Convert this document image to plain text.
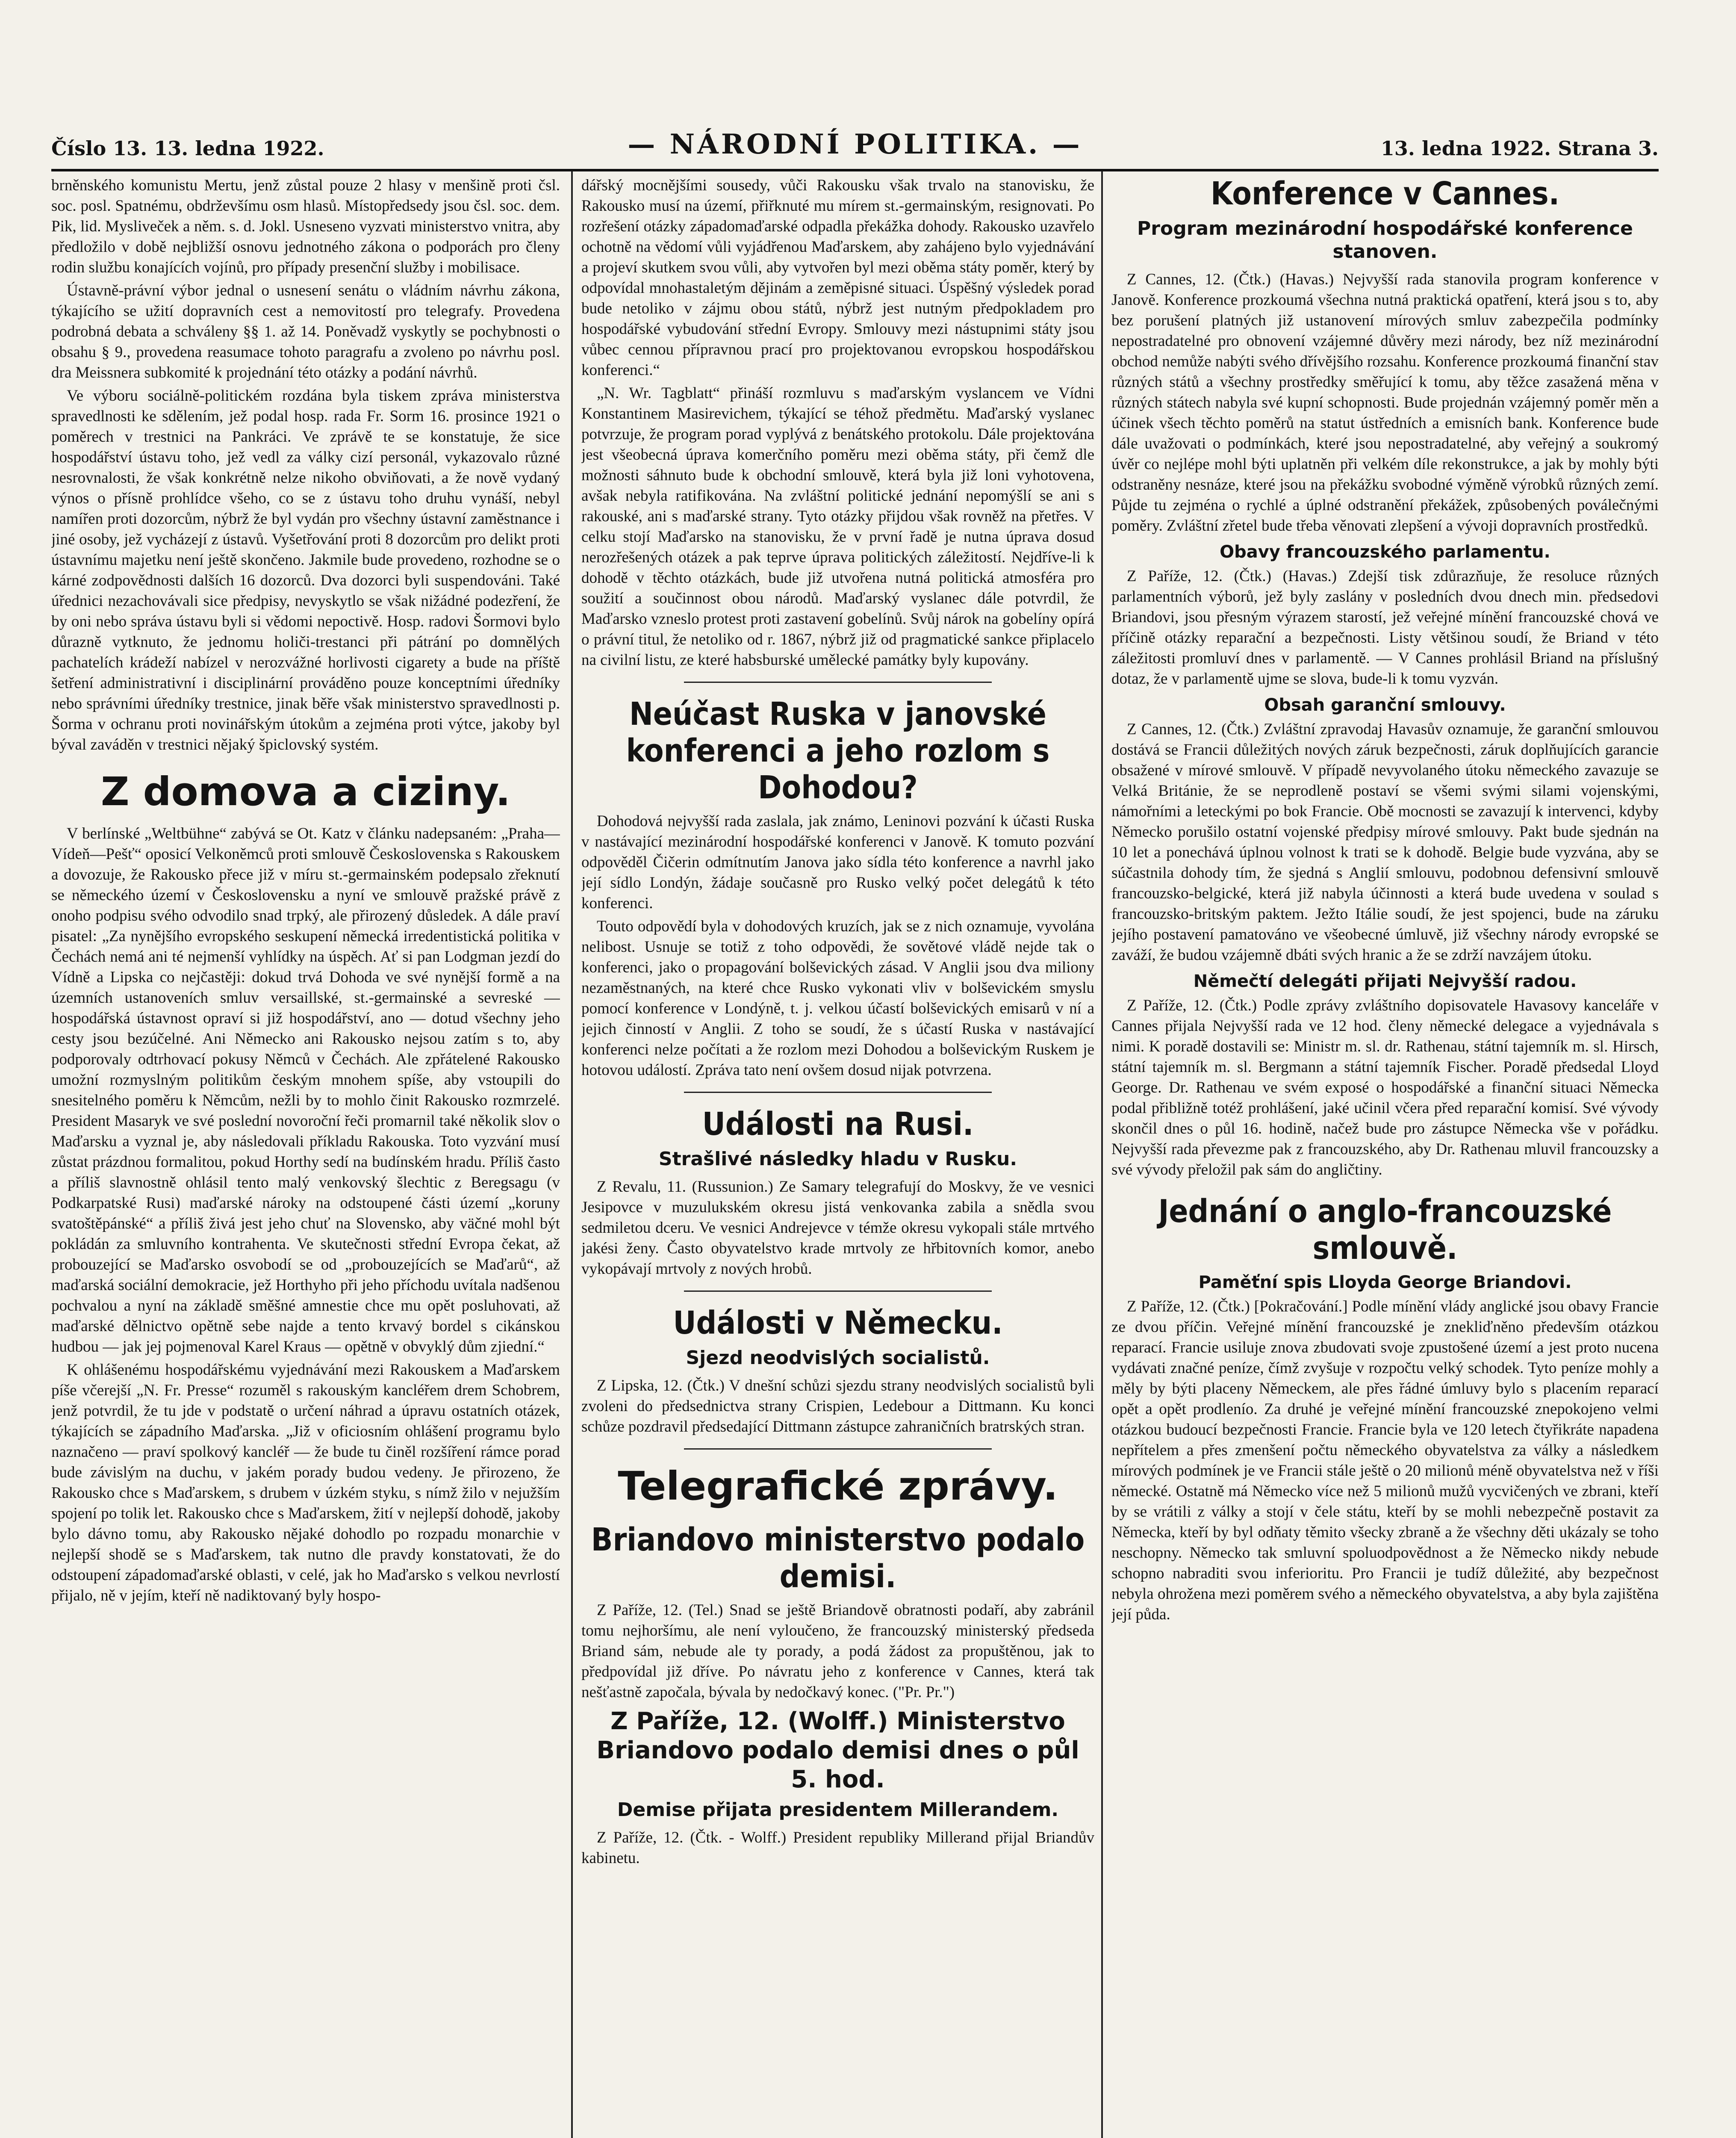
Číslo 13. 13. ledna 1922.	— NÁRODNÍ POLITIKA. —	13. ledna 1922. Strana 3.

brněnského komunistu Mertu, jenž zůstal pouze 2 hlasy v menšině proti čsl. soc. posl. Spatnému, obdrževšímu osm hlasů. Místopředsedy jsou čsl. soc. dem. Pik, lid. Mysliveček a něm. s. d. Jokl. Usneseno vyzvati ministerstvo vnitra, aby předložilo v době nejbližší osnovu jednotného zákona o podporách pro členy rodin službu konajících vojínů, pro případy presenční služby i mobilisace.

Ústavně-právní výbor jednal o usnesení senátu o vládním návrhu zákona, týkajícího se užití dopravních cest a nemovitostí pro telegrafy. Provedena podrobná debata a schváleny §§ 1. až 14. Poněvadž vyskytly se pochybnosti o obsahu § 9., provedena reasumace tohoto paragrafu a zvoleno po návrhu posl. dra Meissnera subkomité k projednání této otázky a podání návrhů.

Ve výboru sociálně-politickém rozdána byla tiskem zpráva ministerstva spravedlnosti ke sdělením, jež podal hosp. rada Fr. Sorm 16. prosince 1921 o poměrech v trestnici na Pankráci. Ve zprávě te se konstatuje, že sice hospodářství ústavu toho, jež vedl za války cizí personál, vykazovalo různé nesrovnalosti, že však konkrétně nelze nikoho obviňovati, a že nově vydaný výnos o přísně prohlídce všeho, co se z ústavu toho druhu vynáší, nebyl namířen proti dozorcům, nýbrž že byl vydán pro všechny ústavní zaměstnance i jiné osoby, jež vycházejí z ústavů. Vyšetřování proti 8 dozorcům pro delikt proti ústavnímu majetku není ještě skončeno. Jakmile bude provedeno, rozhodne se o kárné zodpovědnosti dalších 16 dozorců. Dva dozorci byli suspendováni. Také úřednici nezachovávali sice předpisy, nevyskytlo se však nižádné podezření, že by oni nebo správa ústavu byli si vědomi nepoctivě. Hosp. radovi Šormovi bylo důrazně vytknuto, že jednomu holiči-trestanci při pátrání po domnělých pachatelích krádeží nabízel v nerozvážné horlivosti cigarety a bude na příště šetření administrativní i disciplinární prováděno pouze konceptními úředníky nebo správními úředníky trestnice, jinak běře však ministerstvo spravedlnosti p. Šorma v ochranu proti novinářským útokům a zejména proti výtce, jakoby byl býval zaváděn v trestnici nějaký špiclovský systém.

Z domova a ciziny.

V berlínské „Weltbühne“ zabývá se Ot. Katz v článku nadepsaném: „Praha—Vídeň—Pešť“ oposicí Velkoněmců proti smlouvě Československa s Rakouskem a dovozuje, že Rakousko přece již v míru st.-germainském podepsalo zřeknutí se německého území v Československu a nyní ve smlouvě pražské právě z onoho podpisu svého odvodilo snad trpký, ale přirozený důsledek. A dále praví pisatel: „Za nynějšího evropského seskupení německá irredentistická politika v Čechách nemá ani té nejmenší vyhlídky na úspěch. Ať si pan Lodgman jezdí do Vídně a Lipska co nejčastěji: dokud trvá Dohoda ve své nynější formě a na územních ustanoveních smluv versaillské, st.-germainské a sevreské — hospodářská ústavnost opraví si již hospodářství, ano — dotud všechny jeho cesty jsou bezúčelné. Ani Německo ani Rakousko nejsou zatím s to, aby podporovaly odtrhovací pokusy Němců v Čechách. Ale zpřátelené Rakousko umožní rozmyslným politikům českým mnohem spíše, aby vstoupili do snesitelného poměru k Němcům, nežli by to mohlo činit Rakousko rozmrzelé. President Masaryk ve své poslední novoroční řeči promarnil také několik slov o Maďarsku a vyznal je, aby následovali příkladu Rakouska. Toto vyzvání musí zůstat prázdnou formalitou, pokud Horthy sedí na budínském hradu. Příliš často a příliš slavnostně ohlásil tento malý venkovský šlechtic z Beregsagu (v Podkarpatské Rusi) maďarské nároky na odstoupené části území „koruny svatoštěpánské“ a příliš živá jest jeho chuť na Slovensko, aby väčné mohl být pokládán za smluvního kontrahenta. Ve skutečnosti střední Evropa čekat, až probouzející se Maďarsko osvobodí se od „probouzejících se Maďarů“, až maďarská sociální demokracie, jež Horthyho při jeho příchodu uvítala nadšenou pochvalou a nyní na základě směšné amnestie chce mu opět posluhovati, až maďarské dělnictvo opětně sebe najde a tento krvavý bordel s cikánskou hudbou — jak jej pojmenoval Karel Kraus — opětně v obvyklý dům zjiední.“

K ohlášenému hospodářskému vyjednávání mezi Rakouskem a Maďarskem píše včerejší „N. Fr. Presse“ rozuměl s rakouským kancléřem drem Schobrem, jenž potvrdil, že tu jde v podstatě o určení náhrad a úpravu ostatních otázek, týkajících se západního Maďarska. „Již v oficiosním ohlášení programu bylo naznačeno — praví spolkový kancléř — že bude tu činěl rozšíření rámce porad bude závislým na duchu, v jakém porady budou vedeny. Je přirozeno, že Rakousko chce s Maďarskem, s drubem v úzkém styku, s nímž žilo v nejužším spojení po tolik let. Rakousko chce s Maďarskem, žití v nejlepší dohodě, jakoby bylo dávno tomu, aby Rakousko nějaké dohodlo po rozpadu monarchie v nejlepší shodě se s Maďarskem, tak nutno dle pravdy konstatovati, že do odstoupení západomaďarské oblasti, v celé, jak ho Maďarsko s velkou nevrlostí přijalo, ně v jejím, kteří ně nadiktovaný byly hospo-

dářský mocnějšími sousedy, vůči Rakousku však trvalo na stanovisku, že Rakousko musí na území, přiřknuté mu mírem st.-germainským, resignovati. Po rozřešení otázky západomaďarské odpadla překážka dohody. Rakousko uzavřelo ochotně na vědomí vůli vyjádřenou Maďarskem, aby zahájeno bylo vyjednávání a projeví skutkem svou vůli, aby vytvořen byl mezi oběma státy poměr, který by odpovídal mnohastaletým dějinám a zeměpisné situaci. Úspěšný výsledek porad bude netoliko v zájmu obou států, nýbrž jest nutným předpokladem pro hospodářské vybudování střední Evropy. Smlouvy mezi nástupnimi státy jsou vůbec cennou přípravnou prací pro projektovanou evropskou hospodářskou konferenci.“

„N. Wr. Tagblatt“ přináší rozmluvu s maďarským vyslancem ve Vídni Konstantinem Masirevichem, týkající se téhož předmětu. Maďarský vyslanec potvrzuje, že program porad vyplývá z benátského protokolu. Dále projektována jest všeobecná úprava komerčního poměru mezi oběma státy, při čemž dle možnosti sáhnuto bude k obchodní smlouvě, která byla již loni vyhotovena, avšak nebyla ratifikována. Na zvláštní politické jednání nepomýšlí se ani s rakouské, ani s maďarské strany. Tyto otázky přijdou však rovněž na přetřes. V celku stojí Maďarsko na stanovisku, že v první řadě je nutna úprava dosud nerozřešených otázek a pak teprve úprava politických záležitostí. Nejdříve-li k dohodě v těchto otázkách, bude již utvořena nutná politická atmosféra pro soužití a součinnost obou národů. Maďarský vyslanec dále potvrdil, že Maďarsko vzneslo protest proti zastavení gobelínů. Svůj nárok na gobelíny opírá o právní titul, že netoliko od r. 1867, nýbrž již od pragmatické sankce připlacelo na civilní listu, ze které habsburské umělecké památky byly kupovány.

Neúčast Ruska v janovské konferenci a jeho rozlom s Dohodou?

Dohodová nejvyšší rada zaslala, jak známo, Leninovi pozvání k účasti Ruska v nastávající mezinárodní hospodářské konferenci v Janově. K tomuto pozvání odpověděl Čičerin odmítnutím Janova jako sídla této konference a navrhl jako její sídlo Londýn, žádaje současně pro Rusko velký počet delegátů k této konferenci.

Touto odpovědí byla v dohodových kruzích, jak se z nich oznamuje, vyvolána nelibost. Usnuje se totiž z toho odpovědi, že sovětové vládě nejde tak o konferenci, jako o propagování bolševických zásad. V Anglii jsou dva miliony nezaměstnaných, na které chce Rusko vykonati vliv v bolševickém smyslu pomocí konference v Londýně, t. j. velkou účastí bolševických emisarů v ní a jejich činností v Anglii. Z toho se soudí, že s účastí Ruska v nastávající konferenci nelze počítati a že rozlom mezi Dohodou a bolševickým Ruskem je hotovou událostí. Zpráva tato není ovšem dosud nijak potvrzena.

Události na Rusi.
Strašlivé následky hladu v Rusku.

Z Revalu, 11. (Russunion.) Ze Samary telegrafují do Moskvy, že ve vesnici Jesipovce v muzulukském okresu jistá venkovanka zabila a snědla svou sedmiletou dceru. Ve vesnici Andrejevce v témže okresu vykopali stále mrtvého jakési ženy. Často obyvatelstvo krade mrtvoly ze hřbitovních komor, anebo vykopávají mrtvoly z nových hrobů.

Události v Německu.
Sjezd neodvislých socialistů.

Z Lipska, 12. (Čtk.) V dnešní schůzi sjezdu strany neodvislých socialistů byli zvoleni do předsednictva strany Crispien, Ledebour a Dittmann. Ku konci schůze pozdravil předsedající Dittmann zástupce zahraničních bratrských stran.

Telegrafické zprávy.
Briandovo ministerstvo podalo demisi.

Z Paříže, 12. (Tel.) Snad se ještě Briandově obratnosti podaří, aby zabránil tomu nejhoršímu, ale není vyloučeno, že francouzský ministerský předseda Briand sám, nebude ale ty porady, a podá žádost za propuštěnou, jak to předpovídal již dříve. Po návratu jeho z konference v Cannes, která tak nešťastně započala, bývala by nedočkavý konec. ("Pr. Pr.")

Z Paříže, 12. (Wolff.) Ministerstvo Briandovo podalo demisi dnes o půl 5. hod.
Demise přijata presidentem Millerandem.

Z Paříže, 12. (Čtk. - Wolff.) President republiky Millerand přijal Briandův kabinetu.

Konference v Cannes.
Program mezinárodní hospodářské konference stanoven.

Z Cannes, 12. (Čtk.) (Havas.) Nejvyšší rada stanovila program konference v Janově. Konference prozkoumá všechna nutná praktická opatření, která jsou s to, aby bez porušení platných již ustanovení mírových smluv zabezpečila podmínky nepostradatelné pro obnovení vzájemné důvěry mezi národy, bez níž mezinárodní obchod nemůže nabýti svého dřívějšího rozsahu. Konference prozkoumá finanční stav různých států a všechny prostředky směřující k tomu, aby těžce zasažená měna v různých státech nabyla své kupní schopnosti. Bude projednán vzájemný poměr měn a účinek všech těchto poměrů na statut ústředních a emisních bank. Konference bude dále uvažovati o podmínkách, které jsou nepostradatelné, aby veřejný a soukromý úvěr co nejlépe mohl býti uplatněn při velkém díle rekonstrukce, a jak by mohly býti odstraněny nesnáze, které jsou na překážku svobodné výměně výrobků různých zemí. Půjde tu zejména o rychlé a úplné odstranění překážek, způsobených poválečnými poměry. Zvláštní zřetel bude třeba věnovati zlepšení a vývoji dopravních prostředků.

Obavy francouzského parlamentu.

Z Paříže, 12. (Čtk.) (Havas.) Zdejší tisk zdůrazňuje, že resoluce různých parlamentních výborů, jež byly zaslány v posledních dvou dnech min. předsedovi Briandovi, jsou přesným výrazem starostí, jež veřejné mínění francouzské chová ve příčině otázky reparační a bezpečnosti. Listy většinou soudí, že Briand v této záležitosti promluví dnes v parlamentě. — V Cannes prohlásil Briand na příslušný dotaz, že v parlamentě ujme se slova, bude-li k tomu vyzván.

Obsah garanční smlouvy.

Z Cannes, 12. (Čtk.) Zvláštní zpravodaj Havasův oznamuje, že garanční smlouvou dostává se Francii důležitých nových záruk bezpečnosti, záruk doplňujících garancie obsažené v mírové smlouvě. V případě nevyvolaného útoku německého zavazuje se Velká Británie, že se neprodleně postaví se všemi svými silami vojenskými, námořními a leteckými po bok Francie. Obě mocnosti se zavazují k intervenci, kdyby Německo porušilo ostatní vojenské předpisy mírové smlouvy. Pakt bude sjednán na 10 let a ponechává úplnou volnost k trati se k dohodě. Belgie bude vyzvána, aby se súčastnila dohody tím, že sjedná s Anglií smlouvu, podobnou defensivní smlouvě francouzsko-belgické, která již nabyla účinnosti a která bude uvedena v soulad s francouzsko-britským paktem. Ježto Itálie soudí, že jest spojenci, bude na záruku jejího postavení pamatováno ve všeobecné úmluvě, již všechny národy evropské se zaváží, že budou vzájemně dbáti svých hranic a že se zdrží navzájem útoku.

Němečtí delegáti přijati Nejvyšší radou.

Z Paříže, 12. (Čtk.) Podle zprávy zvláštního dopisovatele Havasovy kanceláře v Cannes přijala Nejvyšší rada ve 12 hod. členy německé delegace a vyjednávala s nimi. K poradě dostavili se: Ministr m. sl. dr. Rathenau, státní tajemník m. sl. Hirsch, státní tajemník m. sl. Bergmann a státní tajemník Fischer. Poradě předsedal Lloyd George. Dr. Rathenau ve svém exposé o hospodářské a finanční situaci Německa podal přibližně totéž prohlášení, jaké učinil včera před reparační komisí. Své vývody skončil dnes o půl 16. hodině, načež bude pro zástupce Německa vše v pořádku. Nejvyšší rada převezme pak z francouzského, aby Dr. Rathenau mluvil francouzsky a své vývody přeložil pak sám do angličtiny.

Jednání o anglo-francouzské smlouvě.
Paměťní spis Lloyda George Briandovi.

Z Paříže, 12. (Čtk.) [Pokračování.] Podle mínění vlády anglické jsou obavy Francie ze dvou příčin. Veřejné mínění francouzské je znekliďněno především otázkou reparací. Francie usiluje znova zbudovati svoje zpustošené území a jest proto nucena vydávati značné peníze, čímž zvyšuje v rozpočtu velký schodek. Tyto peníze mohly a měly by býti placeny Německem, ale přes řádné úmluvy bylo s placením reparací opět a opět prodlenío. Za druhé je veřejné mínění francouzské znepokojeno velmi otázkou budoucí bezpečnosti Francie. Francie byla ve 120 letech čtyřikráte napadena nepřítelem a přes zmenšení počtu německého obyvatelstva za války a následkem mírových podmínek je ve Francii stále ještě o 20 milionů méně obyvatelstva než v říši německé. Ostatně má Německo více než 5 milionů mužů vycvičených ve zbrani, kteří by se vrátili z války a stojí v čele státu, kteří by se mohli nebezpečně postavit za Německa, kteří by byl odňaty těmito všecky zbraně a že všechny děti ukázaly se toho neschopny. Německo tak smluvní spoluodpovědnost a že Německo nikdy nebude schopno nabraditi svou inferioritu. Pro Francii je tudíž důležité, aby bezpečnost nebyla ohrožena mezi poměrem svého a německého obyvatelstva, a aby byla zajištěna její půda.
